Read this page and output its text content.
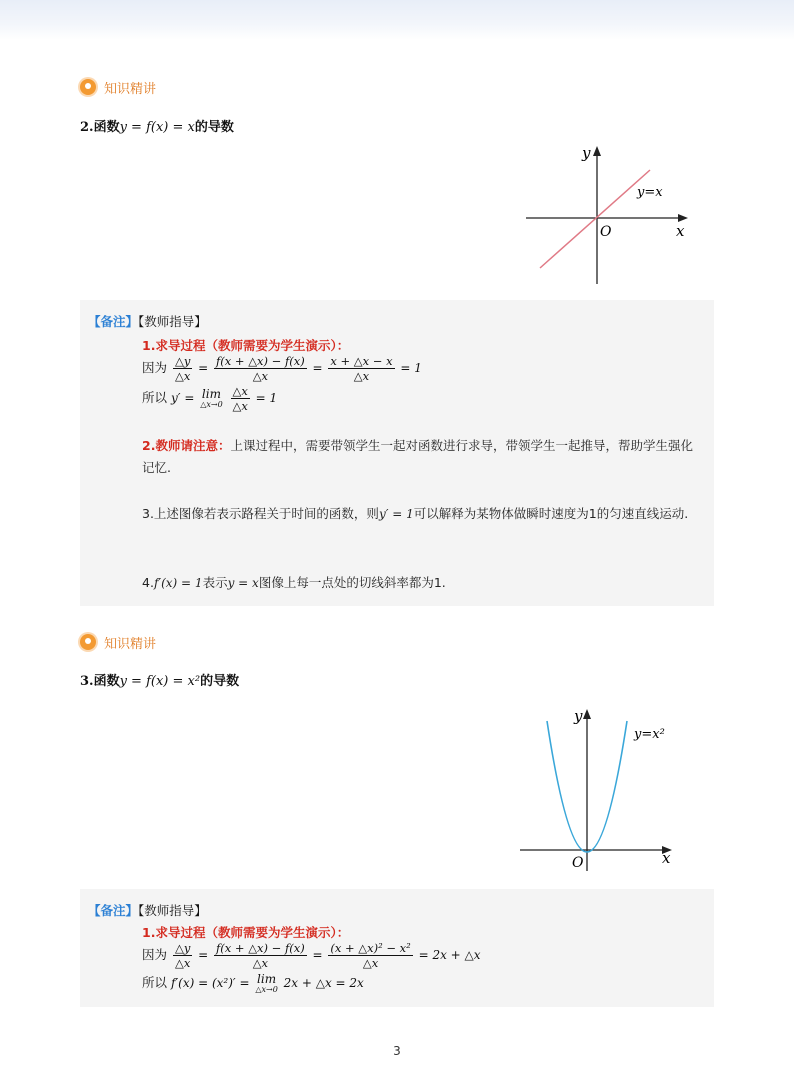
知识精讲
2.函数y = f(x) = x的导数
y
x
O
y=x
【备注】【教师指导】
1.求导过程（教师需要为学生演示）：
因为 $\frac{\triangle y}{\triangle x} = \frac{f(x + \triangle x) - f(x)}{\triangle x} = \frac{x + \triangle x - x}{\triangle x} = 1$
所以 y′ = lim
△x→0
$\frac{\triangle x}{\triangle x} = 1$
2.教师请注意：上课过程中，需要带领学生一起对函数进行求导，带领学生一起推导，帮助学生强化记忆.
3.上述图像若表示路程关于时间的函数，则y′ = 1可以解释为某物体做瞬时速度为1的匀速直线运动.
4.f′(x) = 1表示y = x图像上每一点处的切线斜率都为1.
知识精讲
3.函数y = f(x) = x²的导数
y
x
O
y=x²
【备注】【教师指导】
1.求导过程（教师需要为学生演示）：
因为 $\frac{\triangle y}{\triangle x} = \frac{f(x + \triangle x) - f(x)}{\triangle x} = \frac{\text{(x + △x)² − x²}}{\triangle x} = 2x$ + △x
所以 f′(x) = (x²)′ = lim
△x→0 2x + △x = 2x
3
